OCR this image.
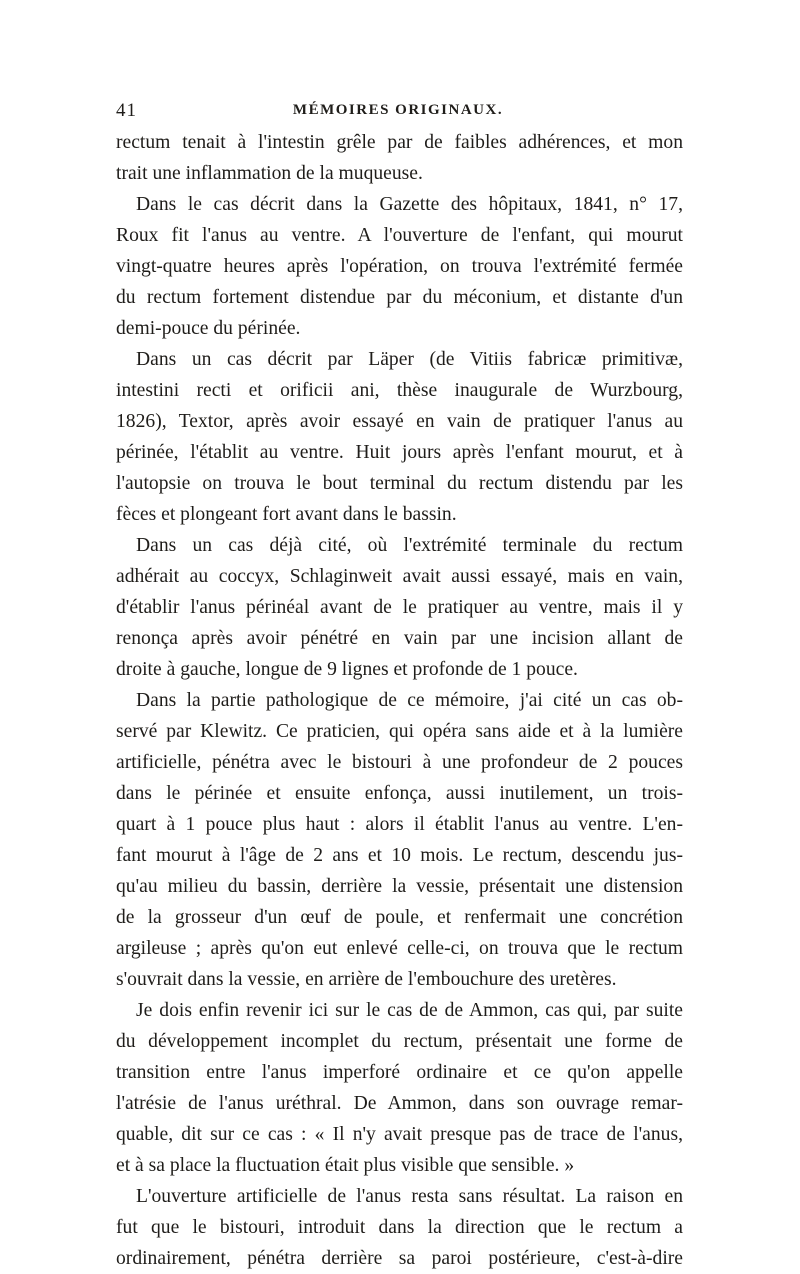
41	MÉMOIRES ORIGINAUX.
rectum tenait à l'intestin grêle par de faibles adhérences, et mon
trait une inflammation de la muqueuse.
Dans le cas décrit dans la Gazette des hôpitaux, 1841, n° 17,
Roux fit l'anus au ventre. A l'ouverture de l'enfant, qui mourut
vingt-quatre heures après l'opération, on trouva l'extrémité fermée
du rectum fortement distendue par du méconium, et distante d'un
demi-pouce du périnée.
Dans un cas décrit par Läper (de Vitiis fabricæ primitivæ,
intestini recti et orificii ani, thèse inaugurale de Wurzbourg,
1826), Textor, après avoir essayé en vain de pratiquer l'anus au
périnée, l'établit au ventre. Huit jours après l'enfant mourut, et à
l'autopsie on trouva le bout terminal du rectum distendu par les
fèces et plongeant fort avant dans le bassin.
Dans un cas déjà cité, où l'extrémité terminale du rectum
adhérait au coccyx, Schlaginweit avait aussi essayé, mais en vain,
d'établir l'anus périnéal avant de le pratiquer au ventre, mais il y
renonça après avoir pénétré en vain par une incision allant de
droite à gauche, longue de 9 lignes et profonde de 1 pouce.
Dans la partie pathologique de ce mémoire, j'ai cité un cas ob-
servé par Klewitz. Ce praticien, qui opéra sans aide et à la lumière
artificielle, pénétra avec le bistouri à une profondeur de 2 pouces
dans le périnée et ensuite enfonça, aussi inutilement, un trois-
quart à 1 pouce plus haut : alors il établit l'anus au ventre. L'en-
fant mourut à l'âge de 2 ans et 10 mois. Le rectum, descendu jus-
qu'au milieu du bassin, derrière la vessie, présentait une distension
de la grosseur d'un œuf de poule, et renfermait une concrétion
argileuse ; après qu'on eut enlevé celle-ci, on trouva que le rectum
s'ouvrait dans la vessie, en arrière de l'embouchure des uretères.
Je dois enfin revenir ici sur le cas de de Ammon, cas qui, par suite
du développement incomplet du rectum, présentait une forme de
transition entre l'anus imperforé ordinaire et ce qu'on appelle
l'atrésie de l'anus uréthral. De Ammon, dans son ouvrage remar-
quable, dit sur ce cas : « Il n'y avait presque pas de trace de l'anus,
et à sa place la fluctuation était plus visible que sensible. »
L'ouverture artificielle de l'anus resta sans résultat. La raison en
fut que le bistouri, introduit dans la direction que le rectum a
ordinairement, pénétra derrière sa paroi postérieure, c'est-à-dire
